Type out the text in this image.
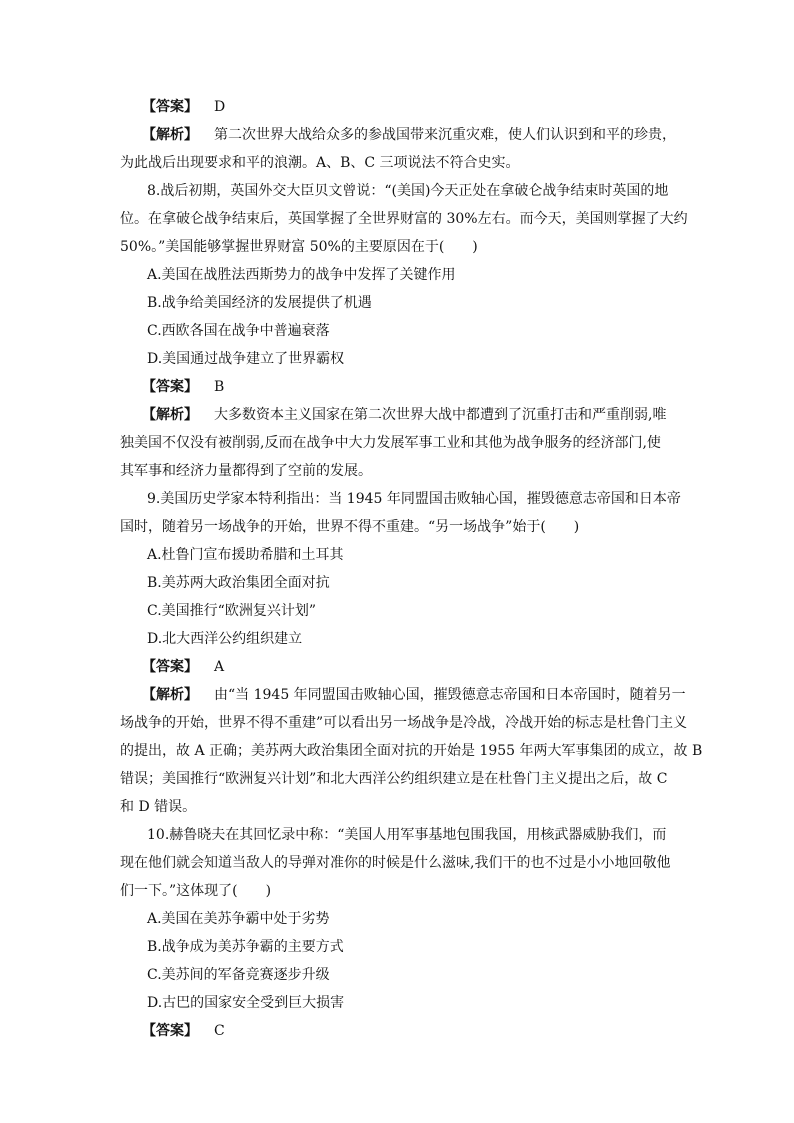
【答案】 D
【解析】 第二次世界大战给众多的参战国带来沉重灾难，使人们认识到和平的珍贵，
为此战后出现要求和平的浪潮。A、B、C 三项说法不符合史实。
8.战后初期，英国外交大臣贝文曾说：“(美国)今天正处在拿破仑战争结束时英国的地
位。在拿破仑战争结束后，英国掌握了全世界财富的 30%左右。而今天，美国则掌握了大约
50%。”美国能够掌握世界财富 50%的主要原因在于(　　)
A.美国在战胜法西斯势力的战争中发挥了关键作用
B.战争给美国经济的发展提供了机遇
C.西欧各国在战争中普遍衰落
D.美国通过战争建立了世界霸权
【答案】 B
【解析】 大多数资本主义国家在第二次世界大战中都遭到了沉重打击和严重削弱,唯
独美国不仅没有被削弱,反而在战争中大力发展军事工业和其他为战争服务的经济部门,使
其军事和经济力量都得到了空前的发展。
9.美国历史学家本特利指出：当 1945 年同盟国击败轴心国，摧毁德意志帝国和日本帝
国时，随着另一场战争的开始，世界不得不重建。“另一场战争”始于(　　)
A.杜鲁门宣布援助希腊和土耳其
B.美苏两大政治集团全面对抗
C.美国推行“欧洲复兴计划”
D.北大西洋公约组织建立
【答案】 A
【解析】 由“当 1945 年同盟国击败轴心国，摧毁德意志帝国和日本帝国时，随着另一
场战争的开始，世界不得不重建”可以看出另一场战争是冷战，冷战开始的标志是杜鲁门主义
的提出，故 A 正确；美苏两大政治集团全面对抗的开始是 1955 年两大军事集团的成立，故 B
错误；美国推行“欧洲复兴计划”和北大西洋公约组织建立是在杜鲁门主义提出之后，故 C
和 D 错误。
10.赫鲁晓夫在其回忆录中称：“美国人用军事基地包围我国，用核武器威胁我们，而
现在他们就会知道当敌人的导弹对准你的时候是什么滋味,我们干的也不过是小小地回敬他
们一下。”这体现了(　　)
A.美国在美苏争霸中处于劣势
B.战争成为美苏争霸的主要方式
C.美苏间的军备竞赛逐步升级
D.古巴的国家安全受到巨大损害
【答案】 C
